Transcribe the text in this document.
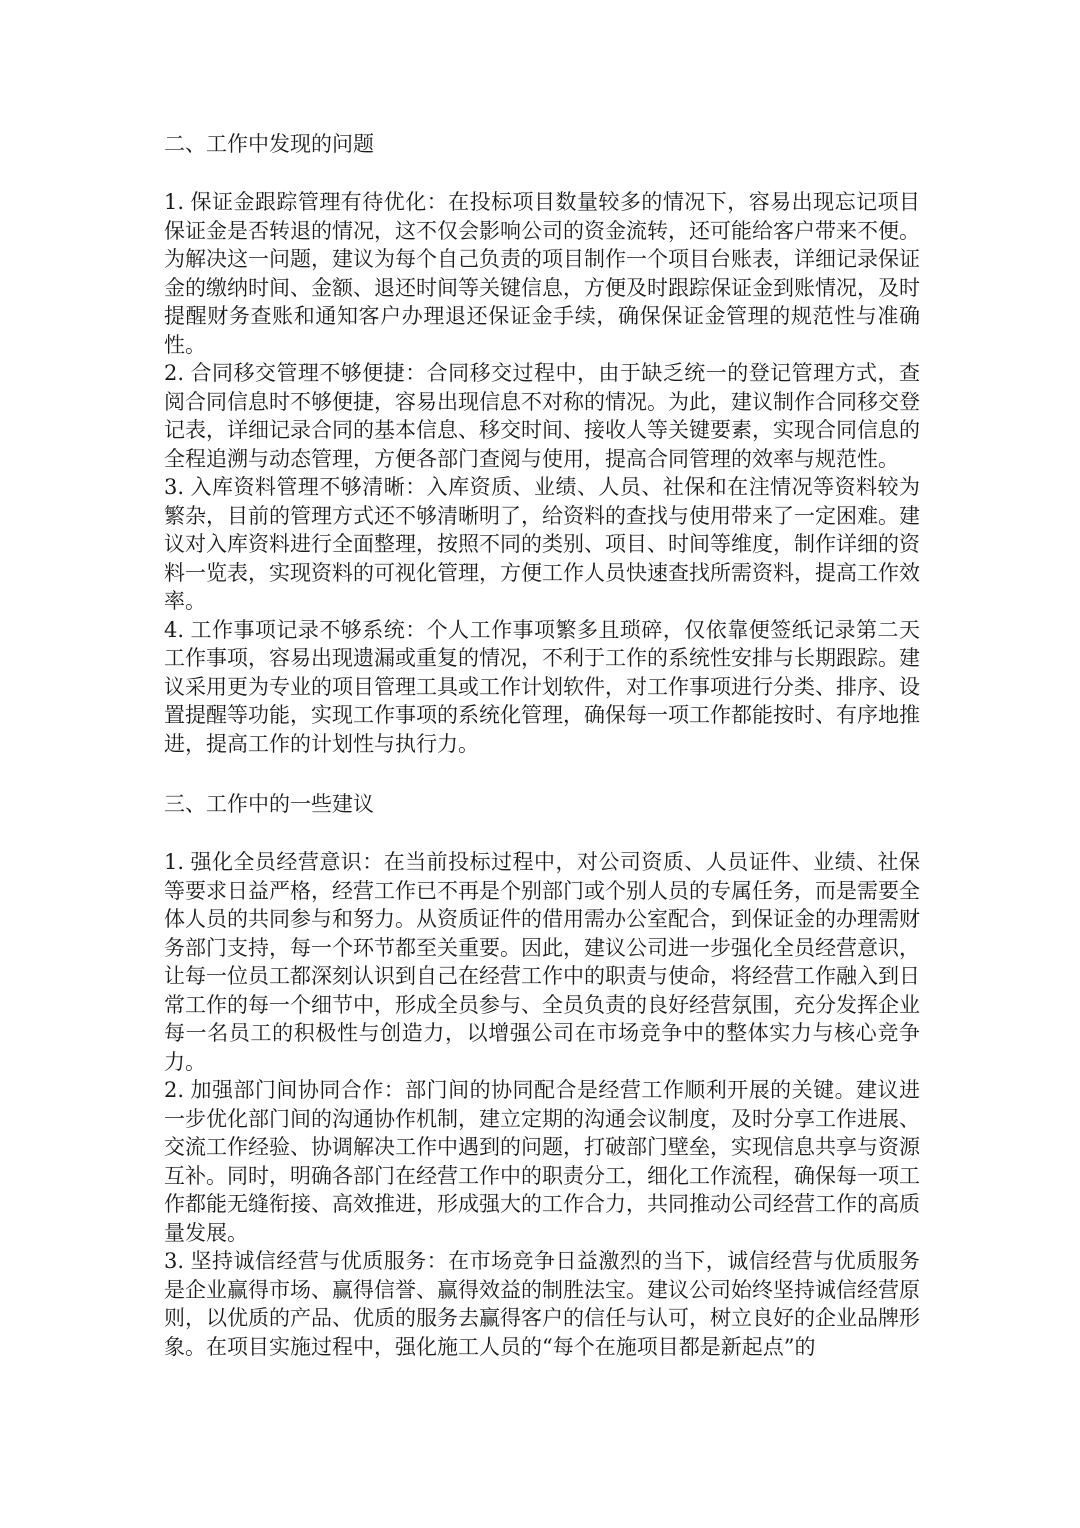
二、工作中发现的问题

1. 保证金跟踪管理有待优化：在投标项目数量较多的情况下，容易出现忘记项目保证金是否转退的情况，这不仅会影响公司的资金流转，还可能给客户带来不便。为解决这一问题，建议为每个自己负责的项目制作一个项目台账表，详细记录保证金的缴纳时间、金额、退还时间等关键信息，方便及时跟踪保证金到账情况，及时提醒财务查账和通知客户办理退还保证金手续，确保保证金管理的规范性与准确性。

2. 合同移交管理不够便捷：合同移交过程中，由于缺乏统一的登记管理方式，查阅合同信息时不够便捷，容易出现信息不对称的情况。为此，建议制作合同移交登记表，详细记录合同的基本信息、移交时间、接收人等关键要素，实现合同信息的全程追溯与动态管理，方便各部门查阅与使用，提高合同管理的效率与规范性。

3. 入库资料管理不够清晰：入库资质、业绩、人员、社保和在注情况等资料较为繁杂，目前的管理方式还不够清晰明了，给资料的查找与使用带来了一定困难。建议对入库资料进行全面整理，按照不同的类别、项目、时间等维度，制作详细的资料一览表，实现资料的可视化管理，方便工作人员快速查找所需资料，提高工作效率。

4. 工作事项记录不够系统：个人工作事项繁多且琐碎，仅依靠便签纸记录第二天工作事项，容易出现遗漏或重复的情况，不利于工作的系统性安排与长期跟踪。建议采用更为专业的项目管理工具或工作计划软件，对工作事项进行分类、排序、设置提醒等功能，实现工作事项的系统化管理，确保每一项工作都能按时、有序地推进，提高工作的计划性与执行力。

三、工作中的一些建议

1. 强化全员经营意识：在当前投标过程中，对公司资质、人员证件、业绩、社保等要求日益严格，经营工作已不再是个别部门或个别人员的专属任务，而是需要全体人员的共同参与和努力。从资质证件的借用需办公室配合，到保证金的办理需财务部门支持，每一个环节都至关重要。因此，建议公司进一步强化全员经营意识，让每一位员工都深刻认识到自己在经营工作中的职责与使命，将经营工作融入到日常工作的每一个细节中，形成全员参与、全员负责的良好经营氛围，充分发挥企业每一名员工的积极性与创造力，以增强公司在市场竞争中的整体实力与核心竞争力。

2. 加强部门间协同合作：部门间的协同配合是经营工作顺利开展的关键。建议进一步优化部门间的沟通协作机制，建立定期的沟通会议制度，及时分享工作进展、交流工作经验、协调解决工作中遇到的问题，打破部门壁垒，实现信息共享与资源互补。同时，明确各部门在经营工作中的职责分工，细化工作流程，确保每一项工作都能无缝衔接、高效推进，形成强大的工作合力，共同推动公司经营工作的高质量发展。

3. 坚持诚信经营与优质服务：在市场竞争日益激烈的当下，诚信经营与优质服务是企业赢得市场、赢得信誉、赢得效益的制胜法宝。建议公司始终坚持诚信经营原则，以优质的产品、优质的服务去赢得客户的信任与认可，树立良好的企业品牌形象。在项目实施过程中，强化施工人员的“每个在施项目都是新起点”的
